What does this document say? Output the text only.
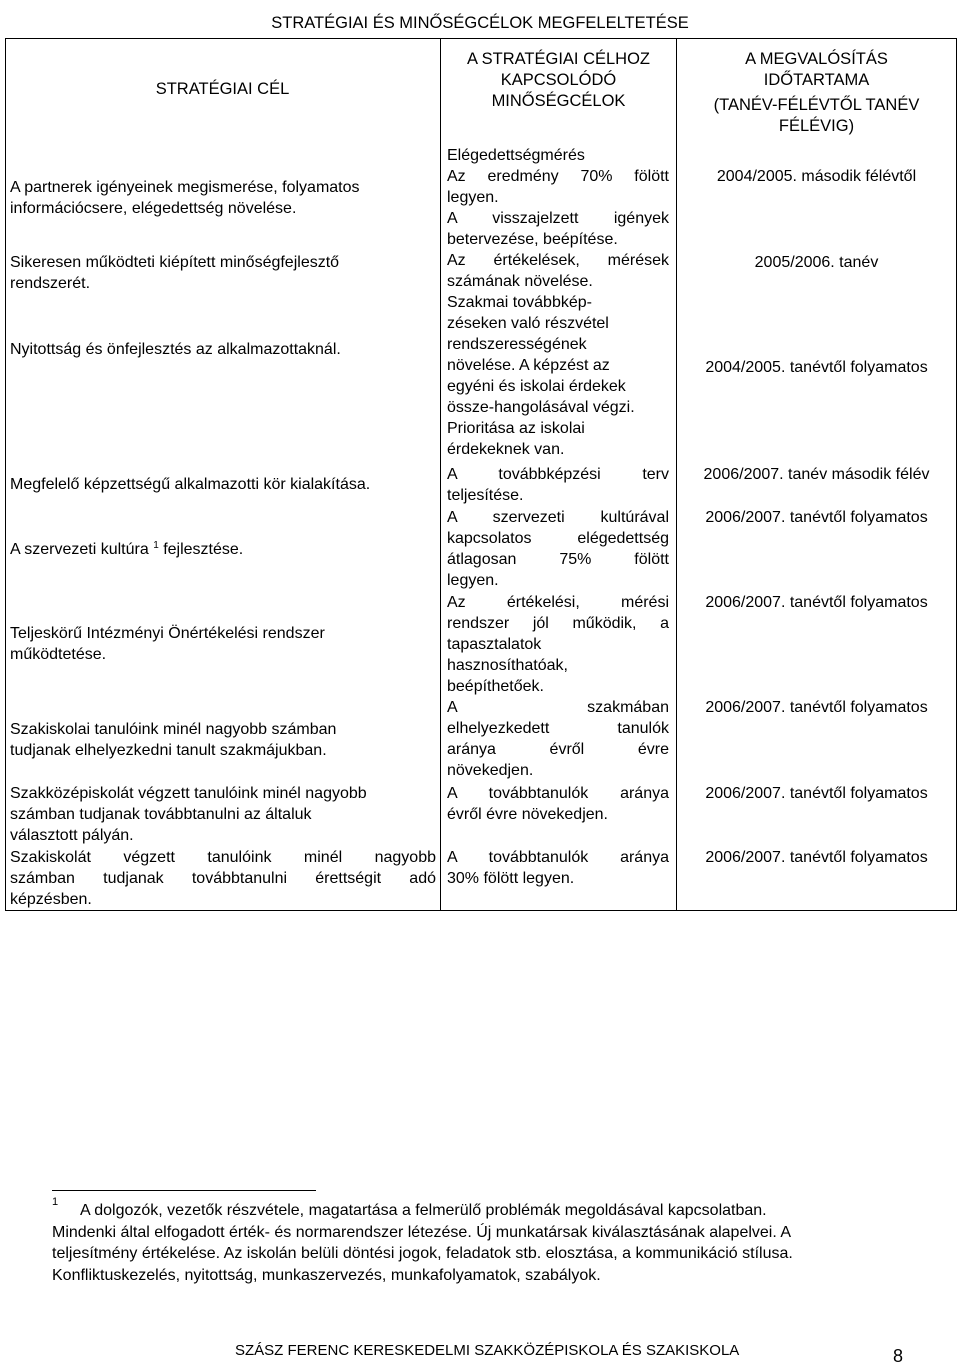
STRATÉGIAI ÉS MINŐSÉGCÉLOK MEGFELELTETÉSE
STRATÉGIAI CÉL

A STRATÉGIAI CÉLHOZ

KAPCSOLÓDÓ

MINŐSÉGCÉLOK

A MEGVALÓSÍTÁS

IDŐTARTAMA

(TANÉV-FÉLÉVTŐL TANÉV

FÉLÉVIG)

A partnerek igényeinek megismerése, folyamatos

információcsere, elégedettség növelése.

Sikeresen működteti kiépített minőségfejlesztő

rendszerét.

Nyitottság és önfejlesztés az alkalmazottaknál.

Megfelelő képzettségű alkalmazotti kör kialakítása.

A szervezeti kultúra $^1$ fejlesztése.

Teljeskörű Intézményi Önértékelési rendszer

működtetése.

Szakiskolai tanulóink minél nagyobb számban

tudjanak elhelyezkedni tanult szakmájukban.

Szakközépiskolát végzett tanulóink minél nagyobb

számban tudjanak továbbtanulni az általuk

választott pályán.

Szakiskolát végzett tanulóink minél nagyobb

számban tudjanak továbbtanulni érettségit adó

képzésben.

Elégedettségmérés

Az eredmény 70% fölött

legyen.

A visszajelzett igények

betervezése, beépítése.

Az értékelések, mérések

számának növelése.

Szakmai továbbkép-

zéseken való részvétel

rendszerességének

növelése. A képzést az

egyéni és iskolai érdekek

össze-hangolásával végzi.

Prioritása az iskolai

érdekeknek van.

A továbbképzési terv

teljesítése.

A szervezeti kultúrával

kapcsolatos elégedettség

átlagosan 75% fölött

legyen.

Az értékelési, mérési

rendszer jól működik, a

tapasztalatok

hasznosíthatóak,

beépíthetőek.

A szakmában

elhelyezkedett tanulók

aránya évről évre

növekedjen.

A továbbtanulók aránya

évről évre növekedjen.

A továbbtanulók aránya

30% fölött legyen.

2004/2005. második félévtől
2005/2006. tanév
2004/2005. tanévtől folyamatos
2006/2007. tanév második félév
2006/2007. tanévtől folyamatos
2006/2007. tanévtől folyamatos
2006/2007. tanévtől folyamatos
2006/2007. tanévtől folyamatos
2006/2007. tanévtől folyamatos
1	A dolgozók, vezetők részvétele, magatartása a felmerülő problémák megoldásával kapcsolatban.

Mindenki által elfogadott érték- és normarendszer létezése. Új munkatársak kiválasztásának alapelvei. A

teljesítmény értékelése. Az iskolán belüli döntési jogok, feladatok stb. elosztása, a kommunikáció stílusa.

Konfliktuskezelés, nyitottság, munkaszervezés, munkafolyamatok, szabályok.

SZÁSZ FERENC KERESKEDELMI SZAKKÖZÉPISKOLA ÉS SZAKISKOLA	8
